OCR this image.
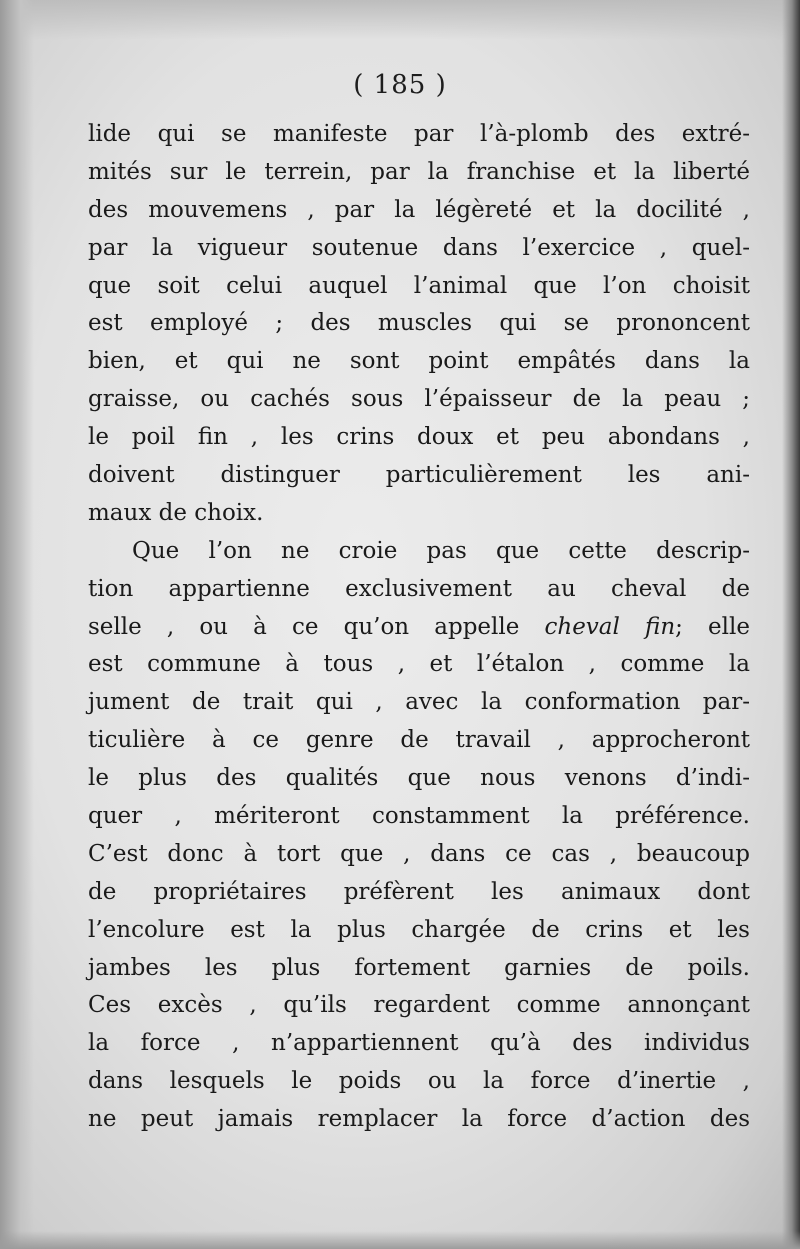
( 185 )
lide qui se manifeste par l’à-plomb des extré-
mités sur le terrein, par la franchise et la liberté
des mouvemens , par la légèreté et la docilité ,
par la vigueur soutenue dans l’exercice , quel-
que soit celui auquel l’animal que l’on choisit
est employé ; des muscles qui se prononcent
bien, et qui ne sont point empâtés dans la
graisse, ou cachés sous l’épaisseur de la peau ;
le poil fin , les crins doux et peu abondans ,
doivent distinguer particulièrement les ani-
maux de choix.
Que l’on ne croie pas que cette descrip-
tion appartienne exclusivement au cheval de
selle , ou à ce qu’on appelle cheval fin; elle
est commune à tous , et l’étalon , comme la
jument de trait qui , avec la conformation par-
ticulière à ce genre de travail , approcheront
le plus des qualités que nous venons d’indi-
quer , mériteront constamment la préférence.
C’est donc à tort que , dans ce cas , beaucoup
de propriétaires préfèrent les animaux dont
l’encolure est la plus chargée de crins et les
jambes les plus fortement garnies de poils.
Ces excès , qu’ils regardent comme annonçant
la force , n’appartiennent qu’à des individus
dans lesquels le poids ou la force d’inertie ,
ne peut jamais remplacer la force d’action des
